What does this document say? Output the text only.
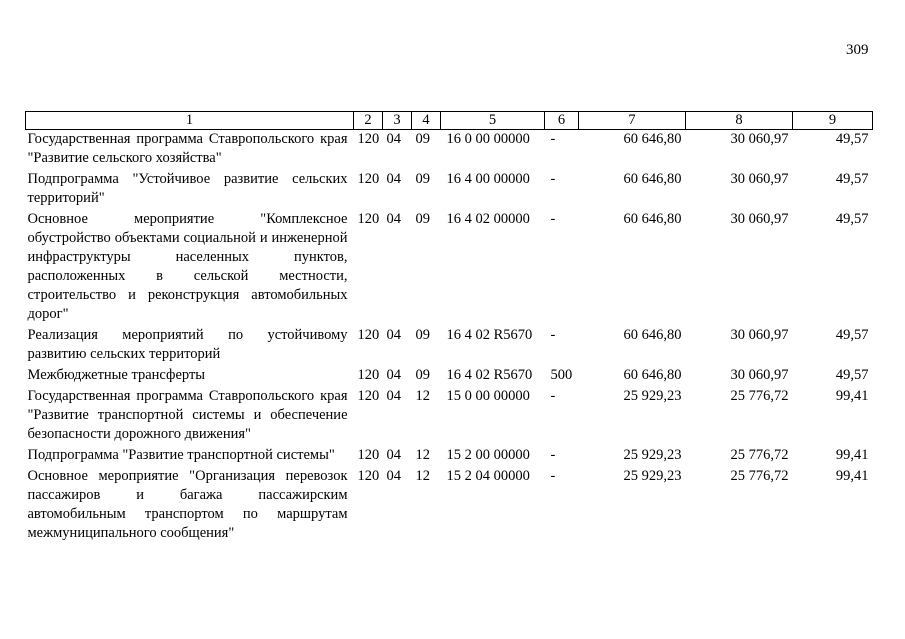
309
1	2	3	4	5	6	7	8	9
Государственная программа Ставропольского края "Развитие сельского хозяйства"	120	04	09	16 0 00 00000	-	60 646,80	30 060,97	49,57
Подпрограмма "Устойчивое развитие сельских территорий"	120	04	09	16 4 00 00000	-	60 646,80	30 060,97	49,57
Основное мероприятие "Комплексное обустройство объектами социальной и инженерной инфраструктуры населенных пунктов, расположенных в сельской местности, строительство и реконструкция автомобильных дорог"	120	04	09	16 4 02 00000	-	60 646,80	30 060,97	49,57
Реализация мероприятий по устойчивому развитию сельских территорий	120	04	09	16 4 02 R5670	-	60 646,80	30 060,97	49,57
Межбюджетные трансферты	120	04	09	16 4 02 R5670	500	60 646,80	30 060,97	49,57
Государственная программа Ставропольского края "Развитие транспортной системы и обеспечение безопасности дорожного движения"	120	04	12	15 0 00 00000	-	25 929,23	25 776,72	99,41
Подпрограмма "Развитие транспортной системы"	120	04	12	15 2 00 00000	-	25 929,23	25 776,72	99,41
Основное мероприятие "Организация перевозок пассажиров и багажа пассажирским автомобильным транспортом по маршрутам межмуниципального сообщения"	120	04	12	15 2 04 00000	-	25 929,23	25 776,72	99,41
